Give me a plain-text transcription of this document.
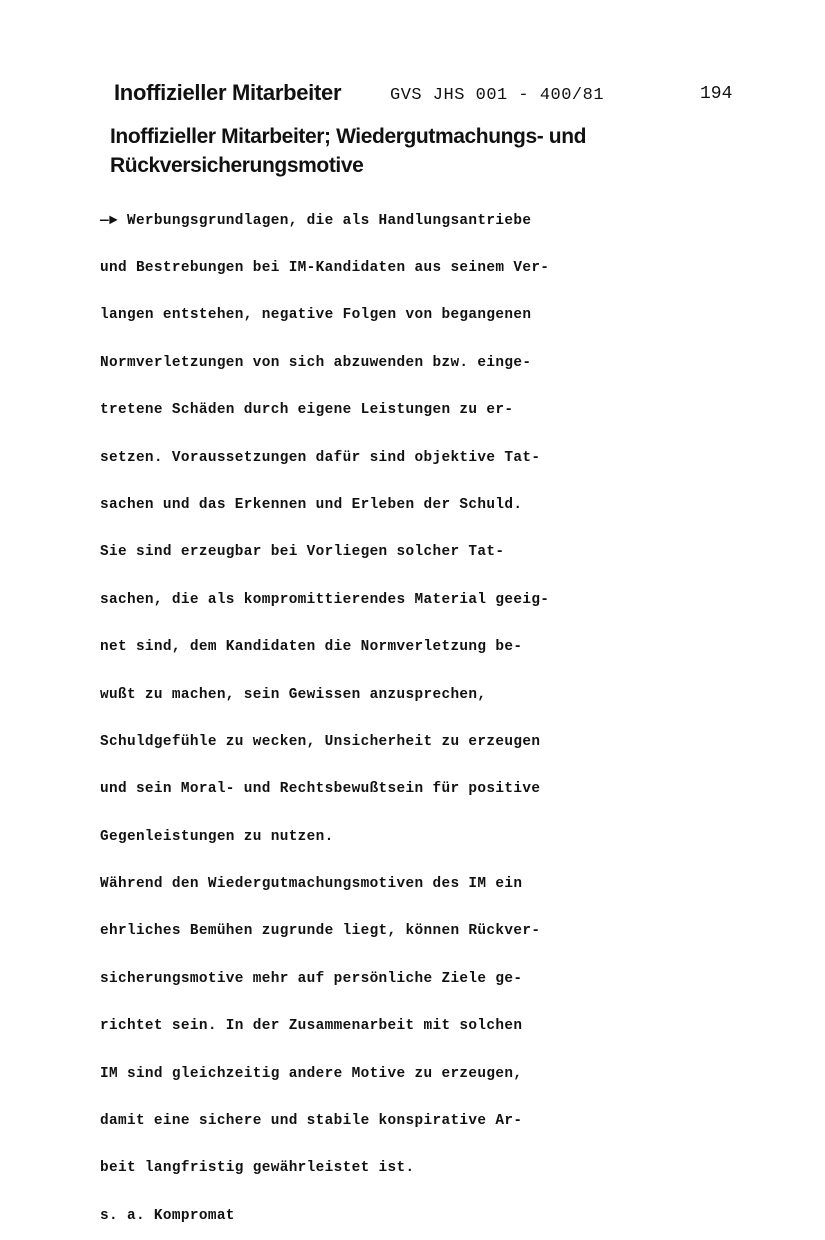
Inoffizieller Mitarbeiter	GVS JHS 001 - 400/81	194
Inoffizieller Mitarbeiter; Wiedergutmachungs- und
Rückversicherungsmotive

—► Werbungsgrundlagen, die als Handlungsantriebe

und Bestrebungen bei IM-Kandidaten aus seinem Ver-

langen entstehen, negative Folgen von begangenen

Normverletzungen von sich abzuwenden bzw. einge-

tretene Schäden durch eigene Leistungen zu er-

setzen. Voraussetzungen dafür sind objektive Tat-

sachen und das Erkennen und Erleben der Schuld.

Sie sind erzeugbar bei Vorliegen solcher Tat-

sachen, die als kompromittierendes Material geeig-

net sind, dem Kandidaten die Normverletzung be-

wußt zu machen, sein Gewissen anzusprechen,

Schuldgefühle zu wecken, Unsicherheit zu erzeugen

und sein Moral- und Rechtsbewußtsein für positive

Gegenleistungen zu nutzen.

Während den Wiedergutmachungsmotiven des IM ein

ehrliches Bemühen zugrunde liegt, können Rückver-

sicherungsmotive mehr auf persönliche Ziele ge-

richtet sein. In der Zusammenarbeit mit solchen

IM sind gleichzeitig andere Motive zu erzeugen,

damit eine sichere und stabile konspirative Ar-

beit langfristig gewährleistet ist.

s. a. Kompromat
